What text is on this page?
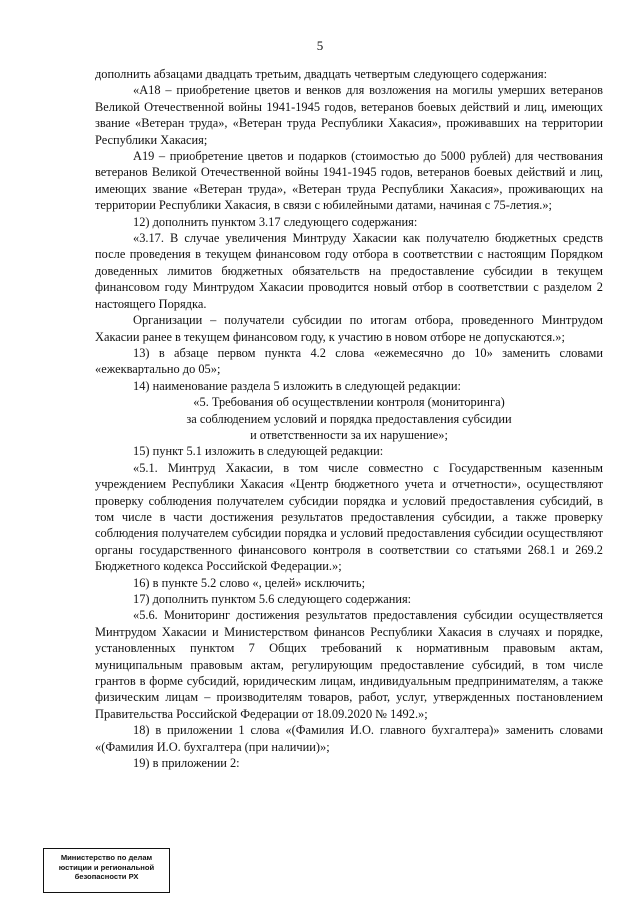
5

дополнить абзацами двадцать третьим, двадцать четвертым следующего содержания:

«А18 – приобретение цветов и венков для возложения на могилы умерших ветеранов Великой Отечественной войны 1941-1945 годов, ветеранов боевых действий и лиц, имеющих звание «Ветеран труда», «Ветеран труда Республики Хакасия», проживавших на территории Республики Хакасия;

А19 – приобретение цветов и подарков (стоимостью до 5000 рублей) для чествования ветеранов Великой Отечественной войны 1941-1945 годов, ветеранов боевых действий и лиц, имеющих звание «Ветеран труда», «Ветеран труда Республики Хакасия», проживающих на территории Республики Хакасия, в связи с юбилейными датами, начиная с 75-летия.»;

12) дополнить пунктом 3.17 следующего содержания:

«3.17. В случае увеличения Минтруду Хакасии как получателю бюджетных средств после проведения в текущем финансовом году отбора в соответствии с настоящим Порядком доведенных лимитов бюджетных обязательств на предоставление субсидии в текущем финансовом году Минтрудом Хакасии проводится новый отбор в соответствии с разделом 2 настоящего Порядка.

Организации – получатели субсидии по итогам отбора, проведенного Минтрудом Хакасии ранее в текущем финансовом году, к участию в новом отборе не допускаются.»;

13) в абзаце первом пункта 4.2 слова «ежемесячно до 10» заменить словами «ежеквартально до 05»;

14) наименование раздела 5 изложить в следующей редакции:

«5. Требования об осуществлении контроля (мониторинга)

за соблюдением условий и порядка предоставления субсидии

и ответственности за их нарушение»;

15) пункт 5.1 изложить в следующей редакции:

«5.1. Минтруд Хакасии, в том числе совместно с Государственным казенным учреждением Республики Хакасия «Центр бюджетного учета и отчетности», осуществляют проверку соблюдения получателем субсидии порядка и условий предоставления субсидий, в том числе в части достижения результатов предоставления субсидии, а также проверку соблюдения получателем субсидии порядка и условий предоставления субсидии осуществляют органы государственного финансового контроля в соответствии со статьями 268.1 и 269.2 Бюджетного кодекса Российской Федерации.»;

16) в пункте 5.2 слово «, целей» исключить;

17) дополнить пунктом 5.6 следующего содержания:

«5.6. Мониторинг достижения результатов предоставления субсидии осуществляется Минтрудом Хакасии и Министерством финансов Республики Хакасия в случаях и порядке, установленных пунктом 7 Общих требований к нормативным правовым актам, муниципальным правовым актам, регулирующим предоставление субсидий, в том числе грантов в форме субсидий, юридическим лицам, индивидуальным предпринимателям, а также физическим лицам – производителям товаров, работ, услуг, утвержденных постановлением Правительства Российской Федерации от 18.09.2020 № 1492.»;

18) в приложении 1 слова «(Фамилия И.О. главного бухгалтера)» заменить словами «(Фамилия И.О. бухгалтера (при наличии)»;

19) в приложении 2:

Министерство по делам
юстиции и региональной
безопасности РХ
